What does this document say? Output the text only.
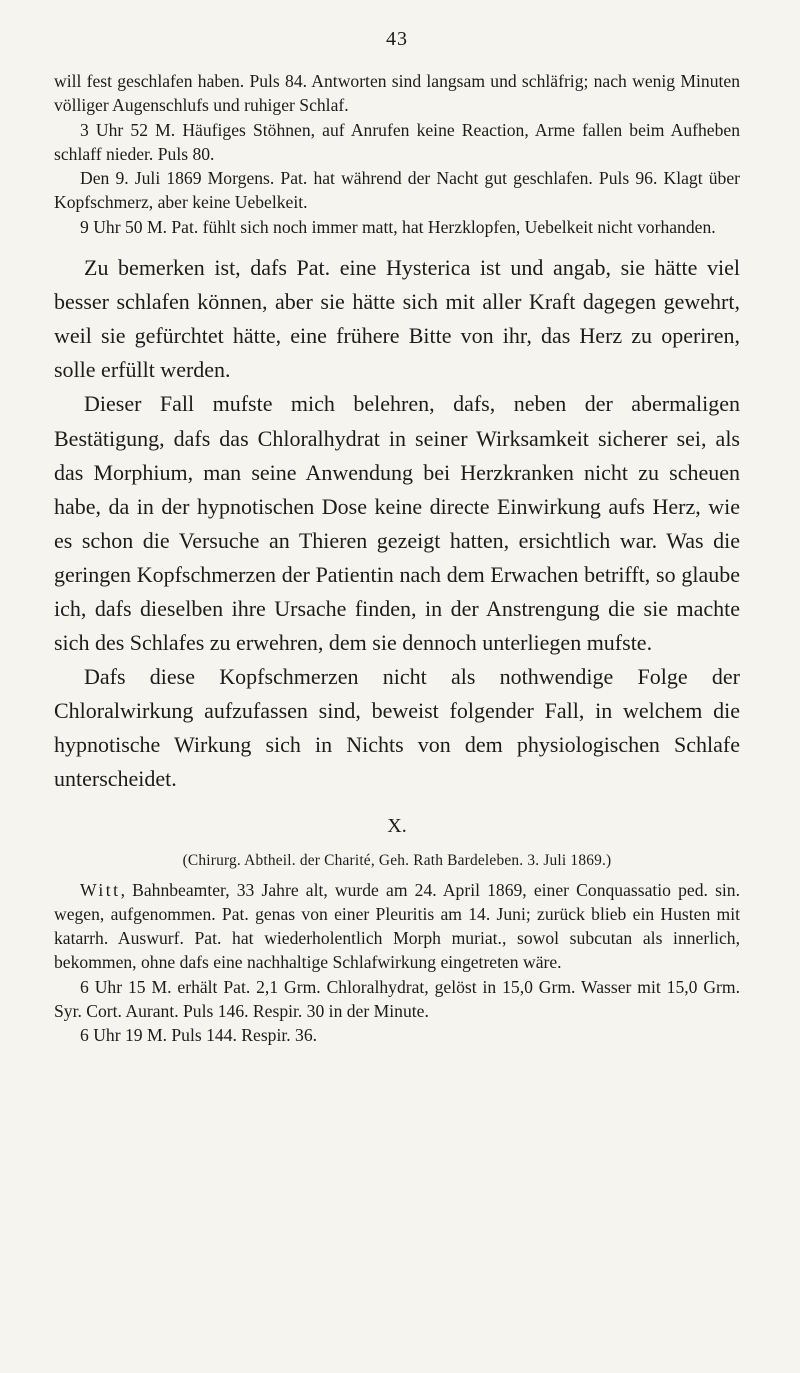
43

will fest geschlafen haben. Puls 84. Antworten sind langsam und schläfrig; nach wenig Minuten völliger Augenschlufs und ruhiger Schlaf.

3 Uhr 52 M. Häufiges Stöhnen, auf Anrufen keine Reaction, Arme fallen beim Aufheben schlaff nieder. Puls 80.

Den 9. Juli 1869 Morgens. Pat. hat während der Nacht gut geschlafen. Puls 96. Klagt über Kopfschmerz, aber keine Uebelkeit.

9 Uhr 50 M. Pat. fühlt sich noch immer matt, hat Herzklopfen, Uebelkeit nicht vorhanden.

Zu bemerken ist, dafs Pat. eine Hysterica ist und angab, sie hätte viel besser schlafen können, aber sie hätte sich mit aller Kraft dagegen gewehrt, weil sie gefürchtet hätte, eine frühere Bitte von ihr, das Herz zu operiren, solle erfüllt werden.

Dieser Fall mufste mich belehren, dafs, neben der abermaligen Bestätigung, dafs das Chloralhydrat in seiner Wirksamkeit sicherer sei, als das Morphium, man seine Anwendung bei Herzkranken nicht zu scheuen habe, da in der hypnotischen Dose keine directe Einwirkung aufs Herz, wie es schon die Versuche an Thieren gezeigt hatten, ersichtlich war. Was die geringen Kopfschmerzen der Patientin nach dem Erwachen betrifft, so glaube ich, dafs dieselben ihre Ursache finden, in der Anstrengung die sie machte sich des Schlafes zu erwehren, dem sie dennoch unterliegen mufste.

Dafs diese Kopfschmerzen nicht als nothwendige Folge der Chloralwirkung aufzufassen sind, beweist folgender Fall, in welchem die hypnotische Wirkung sich in Nichts von dem physiologischen Schlafe unterscheidet.

X.
(Chirurg. Abtheil. der Charité, Geh. Rath Bardeleben. 3. Juli 1869.)

Witt, Bahnbeamter, 33 Jahre alt, wurde am 24. April 1869, einer Conquassatio ped. sin. wegen, aufgenommen. Pat. genas von einer Pleuritis am 14. Juni; zurück blieb ein Husten mit katarrh. Auswurf. Pat. hat wiederholentlich Morph muriat., sowol subcutan als innerlich, bekommen, ohne dafs eine nachhaltige Schlafwirkung eingetreten wäre.

6 Uhr 15 M. erhält Pat. 2,1 Grm. Chloralhydrat, gelöst in 15,0 Grm. Wasser mit 15,0 Grm. Syr. Cort. Aurant. Puls 146. Respir. 30 in der Minute.

6 Uhr 19 M. Puls 144. Respir. 36.
